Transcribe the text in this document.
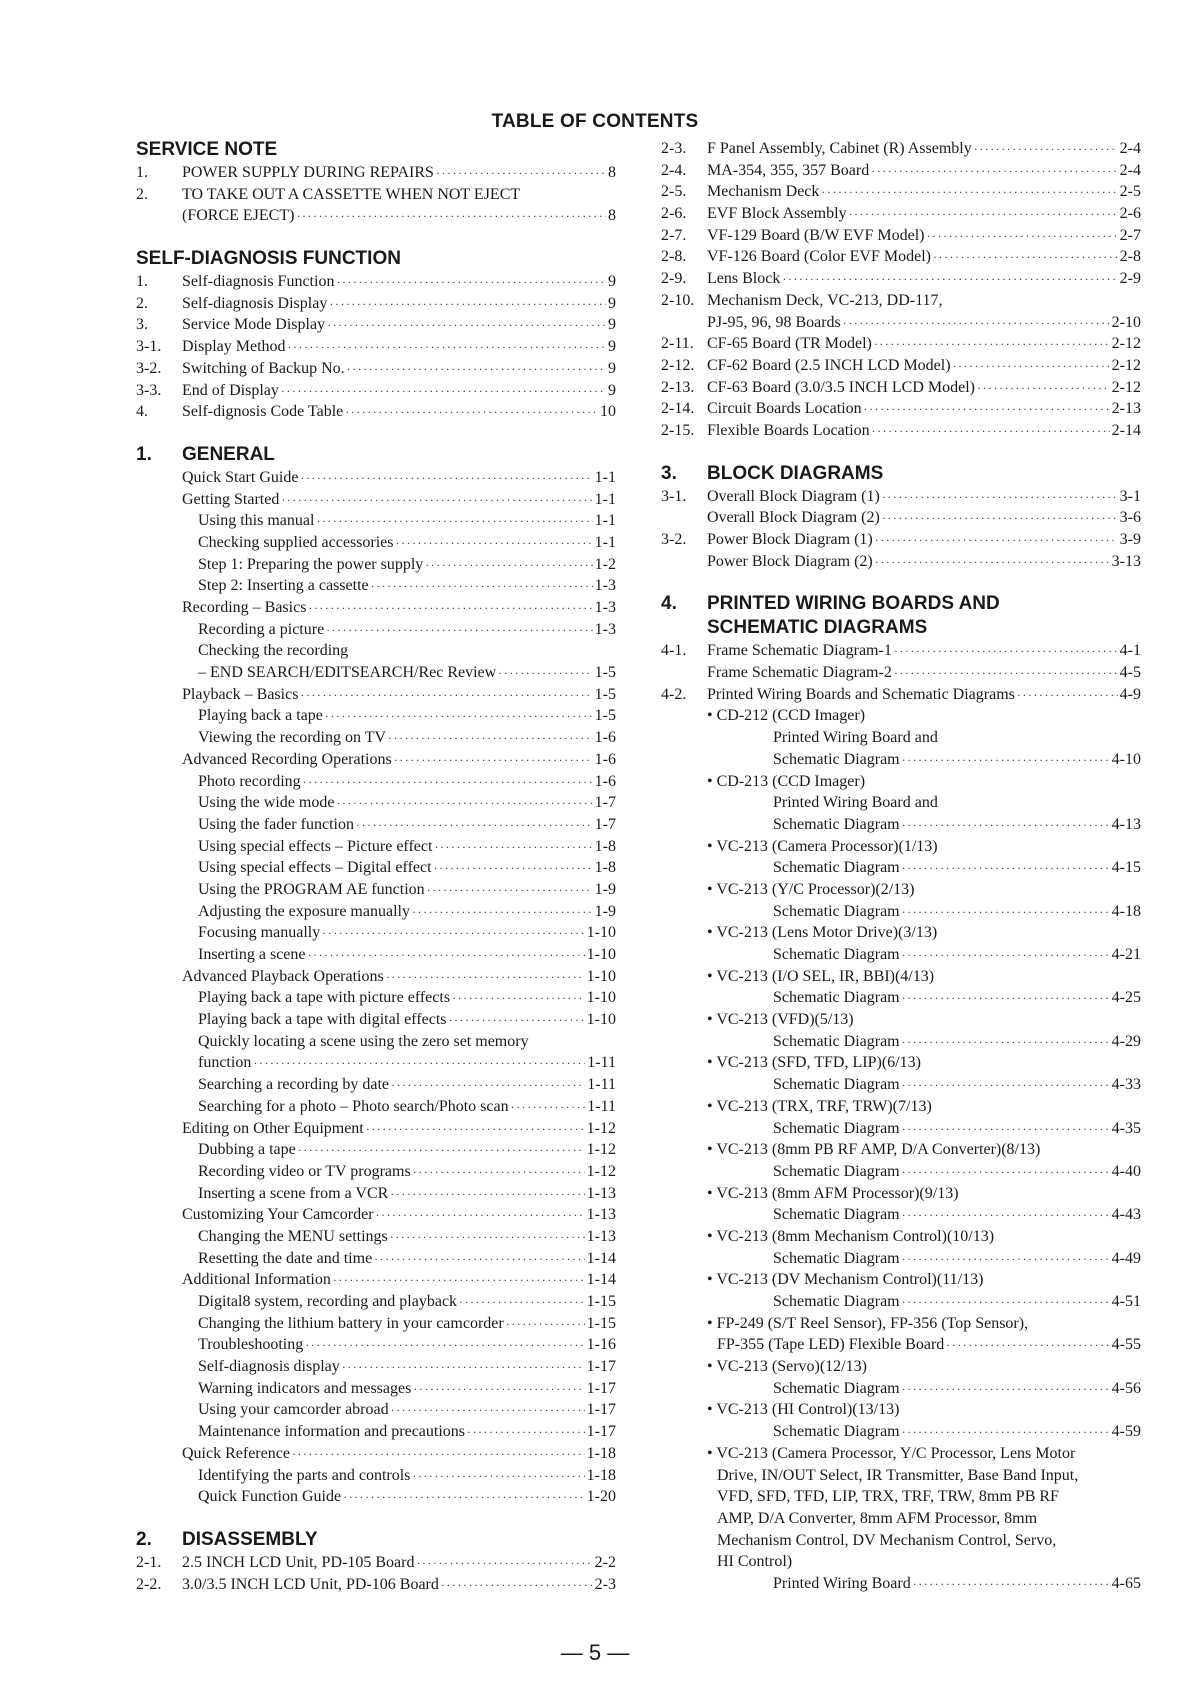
TABLE OF CONTENTS
SERVICE NOTE
1.	POWER SUPPLY DURING REPAIRS ·····	8
2.	TO TAKE OUT A CASSETTE WHEN NOT EJECT
(FORCE EJECT) ·····	8
SELF-DIAGNOSIS FUNCTION
1.	Self-diagnosis Function ·····	9
2.	Self-diagnosis Display ·····	9
3.	Service Mode Display ·····	9
3-1.	Display Method ·····	9
3-2.	Switching of Backup No. ·····	9
3-3.	End of Display ·····	9
4.	Self-dignosis Code Table ·····	10
1.	GENERAL
Quick Start Guide ·····	1-1
Getting Started ·····	1-1
Using this manual ·····	1-1
Checking supplied accessories ·····	1-1
Step 1: Preparing the power supply ·····	1-2
Step 2: Inserting a cassette ·····	1-3
Recording – Basics ·····	1-3
Recording a picture ·····	1-3
Checking the recording
– END SEARCH/EDITSEARCH/Rec Review ·····	1-5
Playback – Basics ·····	1-5
Playing back a tape ·····	1-5
Viewing the recording on TV ·····	1-6
Advanced Recording Operations ·····	1-6
Photo recording ·····	1-6
Using the wide mode ·····	1-7
Using the fader function ·····	1-7
Using special effects – Picture effect ·····	1-8
Using special effects – Digital effect ·····	1-8
Using the PROGRAM AE function ·····	1-9
Adjusting the exposure manually ·····	1-9
Focusing manually ·····	1-10
Inserting a scene ·····	1-10
Advanced Playback Operations ·····	1-10
Playing back a tape with picture effects ·····	1-10
Playing back a tape with digital effects ·····	1-10
Quickly locating a scene using the zero set memory
function ·····	1-11
Searching a recording by date ·····	1-11
Searching for a photo – Photo search/Photo scan ·····	1-11
Editing on Other Equipment ·····	1-12
Dubbing a tape ·····	1-12
Recording video or TV programs ·····	1-12
Inserting a scene from a VCR ·····	1-13
Customizing Your Camcorder ·····	1-13
Changing the MENU settings ·····	1-13
Resetting the date and time ·····	1-14
Additional Information ·····	1-14
Digital8 system, recording and playback ·····	1-15
Changing the lithium battery in your camcorder ·····	1-15
Troubleshooting ·····	1-16
Self-diagnosis display ·····	1-17
Warning indicators and messages ·····	1-17
Using your camcorder abroad ·····	1-17
Maintenance information and precautions ·····	1-17
Quick Reference ·····	1-18
Identifying the parts and controls ·····	1-18
Quick Function Guide ·····	1-20
2.	DISASSEMBLY
2-1.	2.5 INCH LCD Unit, PD-105 Board ·····	2-2
2-2.	3.0/3.5 INCH LCD Unit, PD-106 Board ·····	2-3
2-3.	F Panel Assembly, Cabinet (R) Assembly ·····	2-4
2-4.	MA-354, 355, 357 Board ·····	2-4
2-5.	Mechanism Deck ·····	2-5
2-6.	EVF Block Assembly ·····	2-6
2-7.	VF-129 Board (B/W EVF Model) ·····	2-7
2-8.	VF-126 Board (Color EVF Model) ·····	2-8
2-9.	Lens Block ·····	2-9
2-10. Mechanism Deck, VC-213, DD-117,
PJ-95, 96, 98 Boards ·····	2-10
2-11. CF-65 Board (TR Model) ·····	2-12
2-12. CF-62 Board (2.5 INCH LCD Model) ·····	2-12
2-13. CF-63 Board (3.0/3.5 INCH LCD Model) ·····	2-12
2-14. Circuit Boards Location ·····	2-13
2-15. Flexible Boards Location ·····	2-14
3.	BLOCK DIAGRAMS
3-1.	Overall Block Diagram (1) ·····	3-1
Overall Block Diagram (2) ·····	3-6
3-2.	Power Block Diagram (1) ·····	3-9
Power Block Diagram (2) ·····	3-13
4.	PRINTED WIRING BOARDS AND
SCHEMATIC DIAGRAMS
4-1.	Frame Schematic Diagram-1 ·····	4-1
Frame Schematic Diagram-2 ·····	4-5
4-2.	Printed Wiring Boards and Schematic Diagrams ·····	4-9
• CD-212 (CCD Imager)
Printed Wiring Board and
Schematic Diagram ·····	4-10
• CD-213 (CCD Imager)
Printed Wiring Board and
Schematic Diagram ·····	4-13
• VC-213 (Camera Processor)(1/13)
Schematic Diagram ·····	4-15
• VC-213 (Y/C Processor)(2/13)
Schematic Diagram ·····	4-18
• VC-213 (Lens Motor Drive)(3/13)
Schematic Diagram ·····	4-21
• VC-213 (I/O SEL, IR, BBI)(4/13)
Schematic Diagram ·····	4-25
• VC-213 (VFD)(5/13)
Schematic Diagram ·····	4-29
• VC-213 (SFD, TFD, LIP)(6/13)
Schematic Diagram ·····	4-33
• VC-213 (TRX, TRF, TRW)(7/13)
Schematic Diagram ·····	4-35
• VC-213 (8mm PB RF AMP, D/A Converter)(8/13)
Schematic Diagram ·····	4-40
• VC-213 (8mm AFM Processor)(9/13)
Schematic Diagram ·····	4-43
• VC-213 (8mm Mechanism Control)(10/13)
Schematic Diagram ·····	4-49
• VC-213 (DV Mechanism Control)(11/13)
Schematic Diagram ·····	4-51
• FP-249 (S/T Reel Sensor), FP-356 (Top Sensor),
FP-355 (Tape LED) Flexible Board ·····	4-55
• VC-213 (Servo)(12/13)
Schematic Diagram ·····	4-56
• VC-213 (HI Control)(13/13)
Schematic Diagram ·····	4-59
• VC-213 (Camera Processor, Y/C Processor, Lens Motor
Drive, IN/OUT Select, IR Transmitter, Base Band Input,
VFD, SFD, TFD, LIP, TRX, TRF, TRW, 8mm PB RF
AMP, D/A Converter, 8mm AFM Processor, 8mm
Mechanism Control, DV Mechanism Control, Servo,
HI Control)
Printed Wiring Board ·····	4-65
— 5 —
